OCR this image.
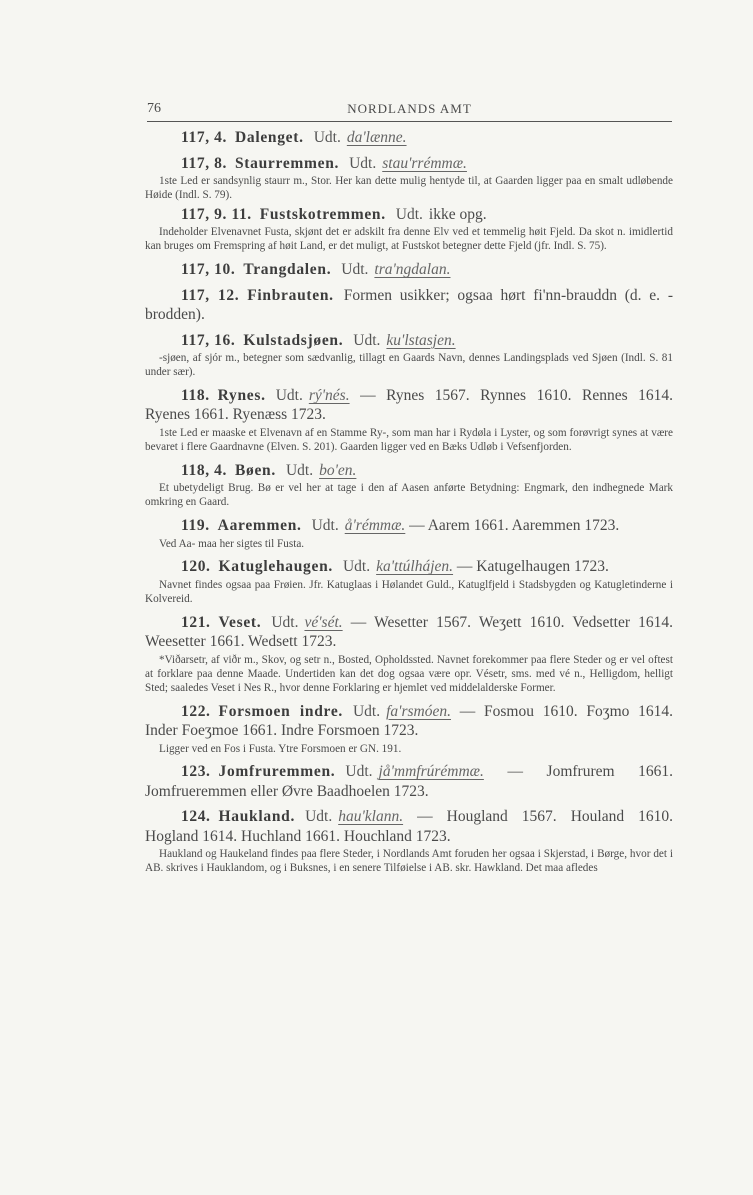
76	NORDLANDS AMT

117, 4. Dalenget. Udt. da'lænne.

117, 8. Staurremmen. Udt. stau'rrémmæ.

1ste Led er sandsynlig staurr m., Stor. Her kan dette mulig hentyde til, at Gaarden ligger paa en smalt udløbende Høide (Indl. S. 79).

117, 9. 11. Fustskotremmen. Udt. ikke opg.

Indeholder Elvenavnet Fusta, skjønt det er adskilt fra denne Elv ved et temmelig høit Fjeld. Da skot n. imidlertid kan bruges om Fremspring af høit Land, er det muligt, at Fustskot betegner dette Fjeld (jfr. Indl. S. 75).

117, 10. Trangdalen. Udt. tra'ngdalan.

117, 12. Finbrauten. Formen usikker; ogsaa hørt fi'nn-brauddn (d. e. -brodden).

117, 16. Kulstadsjøen. Udt. ku'lstasjen.

-sjøen, af sjór m., betegner som sædvanlig, tillagt en Gaards Navn, dennes Landingsplads ved Sjøen (Indl. S. 81 under sær).

118. Rynes. Udt. rý'nés. — Rynes 1567. Rynnes 1610. Rennes 1614. Ryenes 1661. Ryenæss 1723.

1ste Led er maaske et Elvenavn af en Stamme Ry-, som man har i Rydøla i Lyster, og som forøvrigt synes at være bevaret i flere Gaardnavne (Elven. S. 201). Gaarden ligger ved en Bæks Udløb i Vefsenfjorden.

118, 4. Bøen. Udt. bo'en.

Et ubetydeligt Brug. Bø er vel her at tage i den af Aasen anførte Betydning: Engmark, den indhegnede Mark omkring en Gaard.

119. Aaremmen. Udt. å'rémmæ. — Aarem 1661. Aaremmen 1723.

Ved Aa- maa her sigtes til Fusta.

120. Katuglehaugen. Udt. ka'ttúlhájen. — Katugelhaugen 1723.

Navnet findes ogsaa paa Frøien. Jfr. Katuglaas i Hølandet Guld., Katuglfjeld i Stadsbygden og Katugletinderne i Kolvereid.

121. Veset. Udt. vé'sét. — Wesetter 1567. Weʒett 1610. Vedsetter 1614. Weesetter 1661. Wedsett 1723.

*Viðarsetr, af viðr m., Skov, og setr n., Bosted, Opholdssted. Navnet forekommer paa flere Steder og er vel oftest at forklare paa denne Maade. Undertiden kan det dog ogsaa være opr. Vésetr, sms. med vé n., Helligdom, helligt Sted; saaledes Veset i Nes R., hvor denne Forklaring er hjemlet ved middelalderske Former.

122. Forsmoen indre. Udt. fa'rsmóen. — Fosmou 1610. Foʒmo 1614. Inder Foeʒmoe 1661. Indre Forsmoen 1723.

Ligger ved en Fos i Fusta. Ytre Forsmoen er GN. 191.

123. Jomfruremmen. Udt. jå'mmfrúrémmæ. — Jomfrurem 1661. Jomfrueremmen eller Øvre Baadhoelen 1723.

124. Haukland. Udt. hau'klann. — Hougland 1567. Houland 1610. Hogland 1614. Huchland 1661. Houchland 1723.

Haukland og Haukeland findes paa flere Steder, i Nordlands Amt foruden her ogsaa i Skjerstad, i Børge, hvor det i AB. skrives i Hauklandom, og i Buksnes, i en senere Tilføielse i AB. skr. Hawkland. Det maa afledes
